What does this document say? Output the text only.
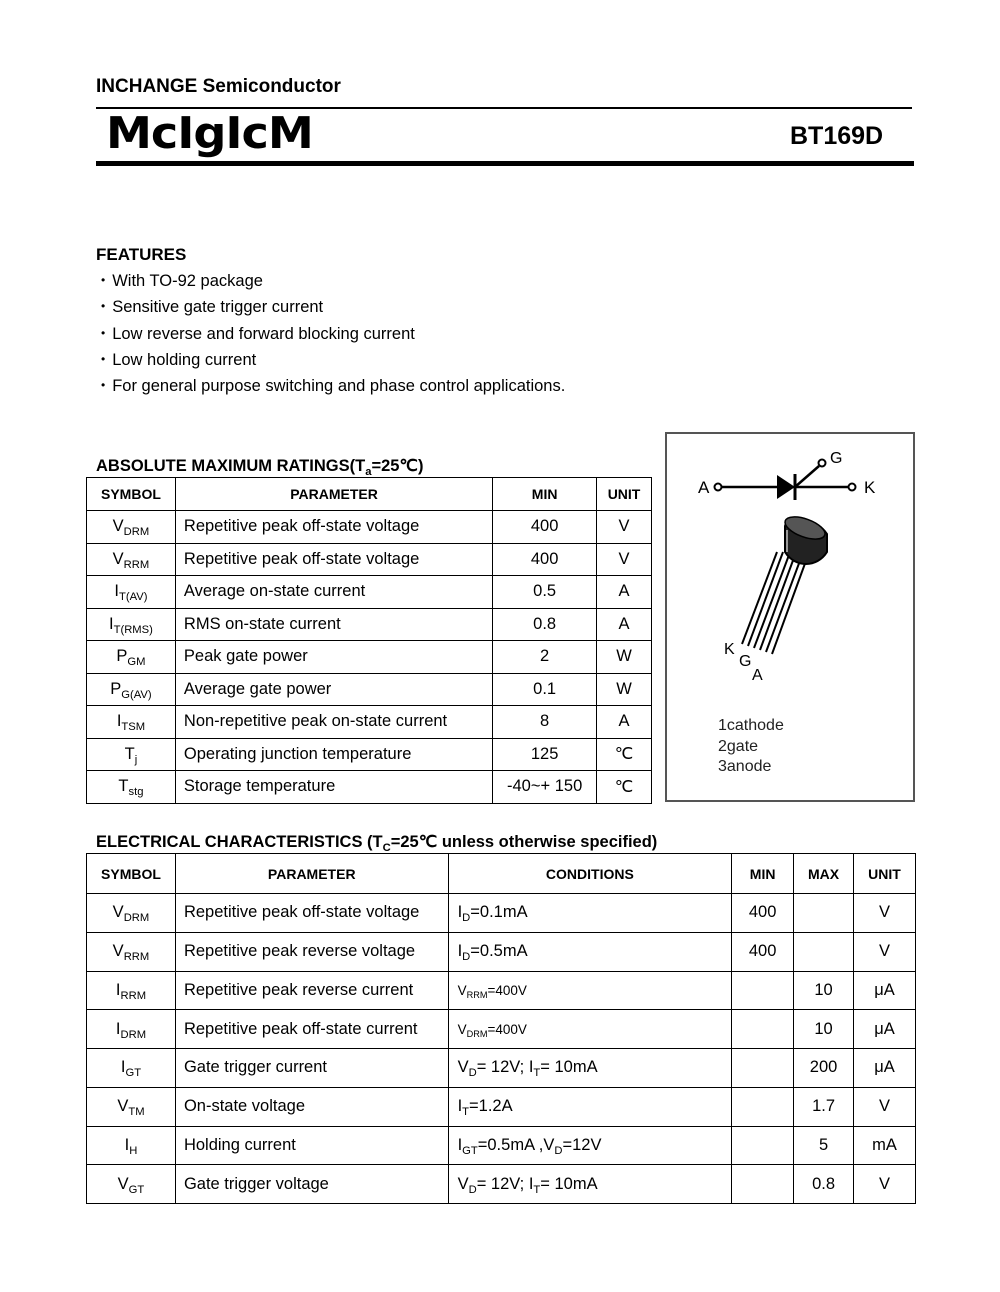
INCHANGE Semiconductor
McIgIcM	BT169D
FEATURES
• With TO-92 package
• Sensitive gate trigger current
• Low reverse and forward blocking current
• Low holding current
• For general purpose switching and phase control applications.
ABSOLUTE MAXIMUM $RATINGS(T_a=25℃)$
SYMBOL	PARAMETER	MIN	UNIT
$V_{DRM}$	Repetitive peak off-state voltage	400	V
$V_{RRM}$	Repetitive peak off-state voltage	400	V
$I_{T(AV)}$	Average on-state current	0.5	A
$I_{T(RMS)}$	RMS on-state current	0.8	A
$P_{GM}$	Peak gate power	2	W
$P_{G(AV)}$	Average gate power	0.1	W
$I_{TSM}$	Non-repetitive peak on-state current	8	A
$T_j$	Operating junction temperature	125	℃
$T_{stg}$	Storage temperature	-40~+ 150	℃
A	K
G
K
G
A
1cathode
2gate
3anode
ELECTRICAL CHARACTERISTICS ($T_C=25℃$ unless otherwise specified)
SYMBOL	PARAMETER	CONDITIONS	MIN	MAX	UNIT
$V_{DRM}$	Repetitive peak off-state voltage	$I_D=0.1mA$	400		V
$V_{RRM}$	Repetitive peak reverse voltage	$I_D=0.5mA$	400		V
$I_{RRM}$	Repetitive peak reverse current	$V_{RRM}=400V$		10	μA
$I_{DRM}$	Repetitive peak off-state current	$V_{DRM}=400V$		10	μA
$I_{GT}$	Gate trigger current	$V_D= 12V$; $I_T= 10mA$		200	μA
$V_{TM}$	On-state voltage	$I_T=1.2A$		1.7	V
$I_H$	Holding current	$I_{GT}=0.5mA$ $,V_D=12V$		5	mA
$V_{GT}$	Gate trigger voltage	$V_D= 12V$; $I_T= 10mA$		0.8	V
